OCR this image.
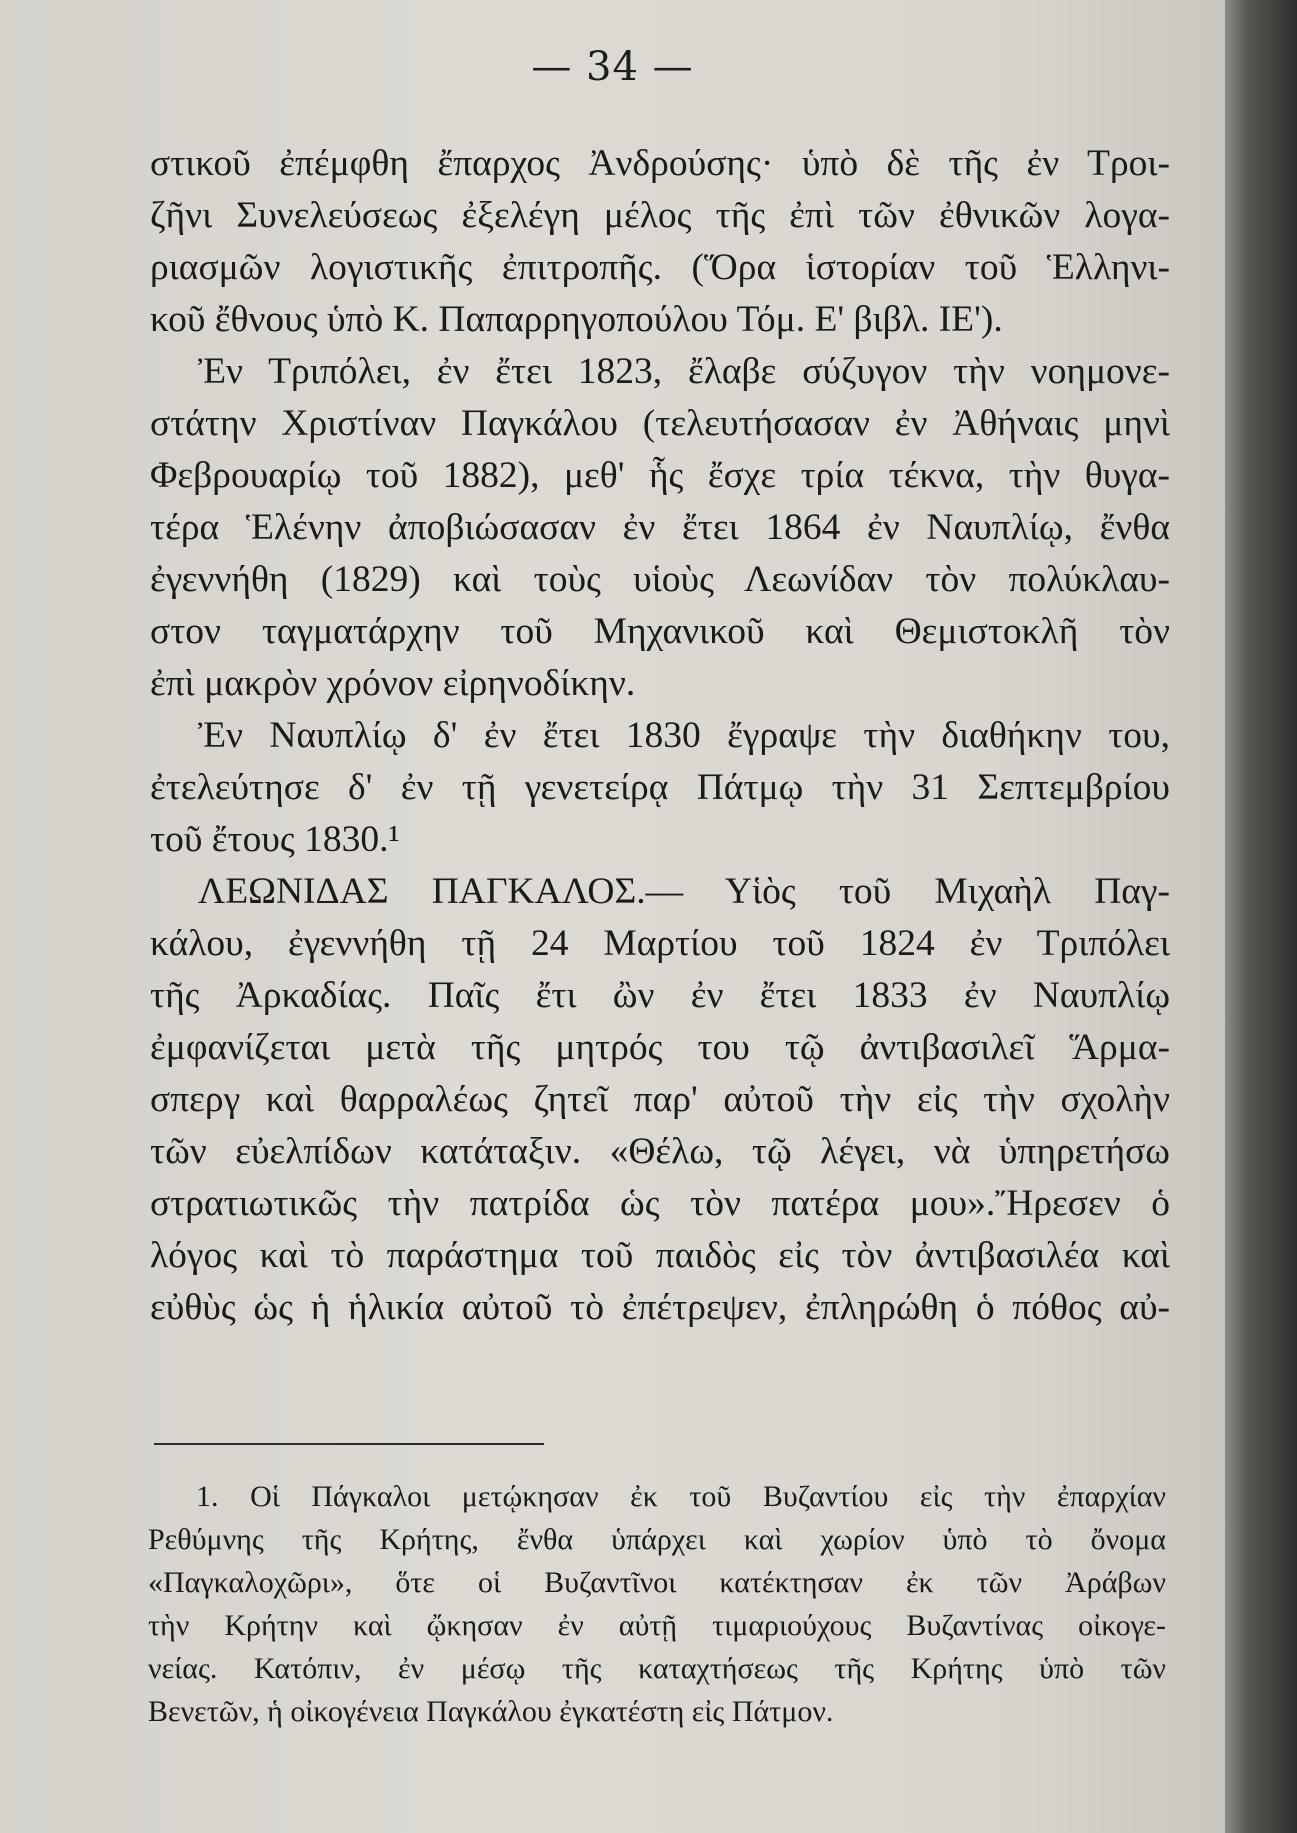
— 34 —
στικοῦ ἐπέμφθη ἔπαρχος Ἀνδρούσης· ὑπὸ δὲ τῆς ἐν Τροι-
ζῆνι Συνελεύσεως ἐξελέγη μέλος τῆς ἐπὶ τῶν ἐθνικῶν λογα-
ριασμῶν λογιστικῆς ἐπιτροπῆς. (Ὅρα ἱστορίαν τοῦ Ἑλληνι-
κοῦ ἔθνους ὑπὸ Κ. Παπαρρηγοπούλου Τόμ. Ε' βιβλ. ΙΕ').
Ἐν Τριπόλει, ἐν ἔτει 1823, ἔλαβε σύζυγον τὴν νοημονε-
στάτην Χριστίναν Παγκάλου (τελευτήσασαν ἐν Ἀθήναις μηνὶ
Φεβρουαρίῳ τοῦ 1882), μεθ' ἧς ἔσχε τρία τέκνα, τὴν θυγα-
τέρα Ἑλένην ἀποβιώσασαν ἐν ἔτει 1864 ἐν Ναυπλίῳ, ἔνθα
ἐγεννήθη (1829) καὶ τοὺς υἱοὺς Λεωνίδαν τὸν πολύκλαυ-
στον ταγματάρχην τοῦ Μηχανικοῦ καὶ Θεμιστοκλῆ τὸν
ἐπὶ μακρὸν χρόνον εἰρηνοδίκην.
Ἐν Ναυπλίῳ δ' ἐν ἔτει 1830 ἔγραψε τὴν διαθήκην του,
ἐτελεύτησε δ' ἐν τῇ γενετείρᾳ Πάτμῳ τὴν 31 Σεπτεμβρίου
τοῦ ἔτους 1830.¹
ΛΕΩΝΙΔΑΣ ΠΑΓΚΑΛΟΣ.— Υἱὸς τοῦ Μιχαὴλ Παγ-
κάλου, ἐγεννήθη τῇ 24 Μαρτίου τοῦ 1824 ἐν Τριπόλει
τῆς Ἀρκαδίας. Παῖς ἔτι ὢν ἐν ἔτει 1833 ἐν Ναυπλίῳ
ἐμφανίζεται μετὰ τῆς μητρός του τῷ ἀντιβασιλεῖ Ἅρμα-
σπεργ καὶ θαρραλέως ζητεῖ παρ' αὐτοῦ τὴν εἰς τὴν σχολὴν
τῶν εὐελπίδων κατάταξιν. «Θέλω, τῷ λέγει, νὰ ὑπηρετήσω
στρατιωτικῶς τὴν πατρίδα ὡς τὸν πατέρα μου».Ἤρεσεν ὁ
λόγος καὶ τὸ παράστημα τοῦ παιδὸς εἰς τὸν ἀντιβασιλέα καὶ
εὐθὺς ὡς ἡ ἡλικία αὐτοῦ τὸ ἐπέτρεψεν, ἐπληρώθη ὁ πόθος αὐ-
1. Οἱ Πάγκαλοι μετῴκησαν ἐκ τοῦ Βυζαντίου εἰς τὴν ἐπαρχίαν
Ρεθύμνης τῆς Κρήτης, ἔνθα ὑπάρχει καὶ χωρίον ὑπὸ τὸ ὄνομα
«Παγκαλοχῶρι», ὅτε οἱ Βυζαντῖνοι κατέκτησαν ἐκ τῶν Ἀράβων
τὴν Κρήτην καὶ ᾤκησαν ἐν αὐτῇ τιμαριούχους Βυζαντίνας οἰκογε-
νείας. Κατόπιν, ἐν μέσῳ τῆς καταχτήσεως τῆς Κρήτης ὑπὸ τῶν
Βενετῶν, ἡ οἰκογένεια Παγκάλου ἐγκατέστη εἰς Πάτμον.
